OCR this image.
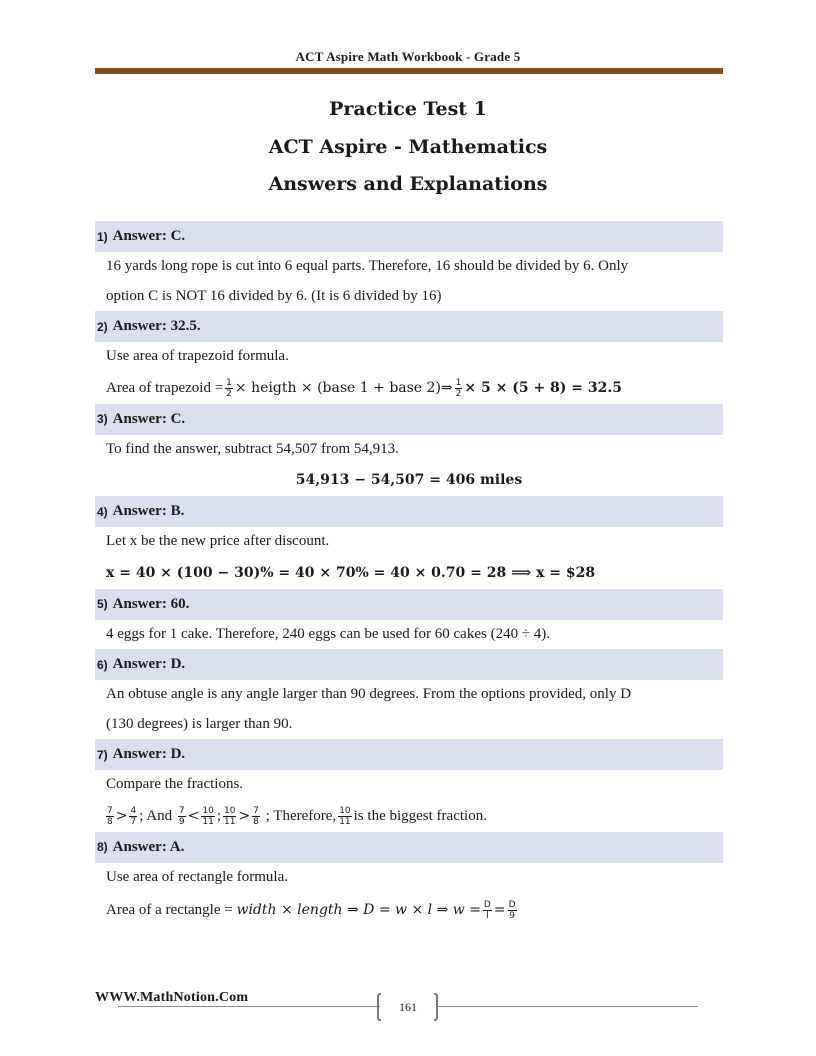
ACT Aspire Math Workbook - Grade 5
Practice Test 1
ACT Aspire - Mathematics
Answers and Explanations
1) Answer: C.
16 yards long rope is cut into 6 equal parts. Therefore, 16 should be divided by 6. Only
option C is NOT 16 divided by 6. (It is 6 divided by 16)
2) Answer: 32.5.
Use area of trapezoid formula.
Area of trapezoid = $\frac{1}{2}$ × heigth × (base 1 + base 2)⇒ $\frac{1}{2} \times 5 \times (5 + 8) = 32.5$
3) Answer: C.
To find the answer, subtract 54,507 from 54,913.
54,913 − 54,507 = 406 miles
4) Answer: B.
Let x be the new price after discount.
x = 40 × (100 − 30)% = 40 × 70% = 40 × 0.70 = 28 ⟹ x = $28
5) Answer: 60.
4 eggs for 1 cake. Therefore, 240 eggs can be used for 60 cakes (240 ÷ 4).
6) Answer: D.
An obtuse angle is any angle larger than 90 degrees. From the options provided, only D
(130 degrees) is larger than 90.
7) Answer: D.
Compare the fractions.
$\frac{7}{8} > \frac{4}{7}$ ; And $\frac{7}{9} < \frac{10}{11}$ ; $\frac{10}{11} > \frac{7}{8}$ ; Therefore, $\frac{10}{11}$ is the biggest fraction.
8) Answer: A.
Use area of rectangle formula.
Area of a rectangle = width × length ⇒ D = w × l ⇒ $w = \frac{D}{l} = \frac{D}{9}$
WWW.MathNotion.Com
161
